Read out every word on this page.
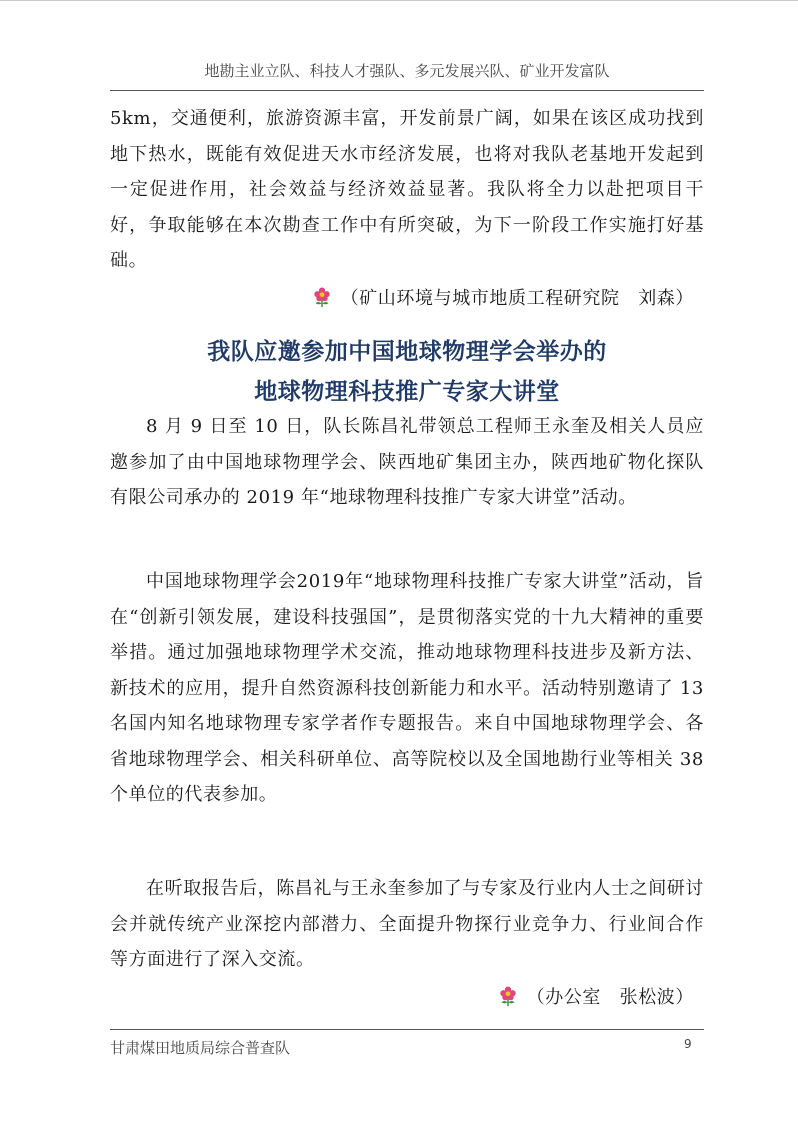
地勘主业立队、科技人才强队、多元发展兴队、矿业开发富队
5km，交通便利，旅游资源丰富，开发前景广阔，如果在该区成功找到地下热水，既能有效促进天水市经济发展，也将对我队老基地开发起到一定促进作用，社会效益与经济效益显著。我队将全力以赴把项目干好，争取能够在本次勘查工作中有所突破，为下一阶段工作实施打好基础。
（矿山环境与城市地质工程研究院　刘森）
我队应邀参加中国地球物理学会举办的
地球物理科技推广专家大讲堂
8 月 9 日至 10 日，队长陈昌礼带领总工程师王永奎及相关人员应邀参加了由中国地球物理学会、陕西地矿集团主办，陕西地矿物化探队有限公司承办的 2019 年“地球物理科技推广专家大讲堂”活动。
中国地球物理学会2019年“地球物理科技推广专家大讲堂”活动，旨在“创新引领发展，建设科技强国”，是贯彻落实党的十九大精神的重要举措。通过加强地球物理学术交流，推动地球物理科技进步及新方法、新技术的应用，提升自然资源科技创新能力和水平。活动特别邀请了 13 名国内知名地球物理专家学者作专题报告。来自中国地球物理学会、各省地球物理学会、相关科研单位、高等院校以及全国地勘行业等相关 38 个单位的代表参加。
在听取报告后，陈昌礼与王永奎参加了与专家及行业内人士之间研讨会并就传统产业深挖内部潜力、全面提升物探行业竞争力、行业间合作等方面进行了深入交流。
（办公室　张松波）
甘肃煤田地质局综合普查队	9
